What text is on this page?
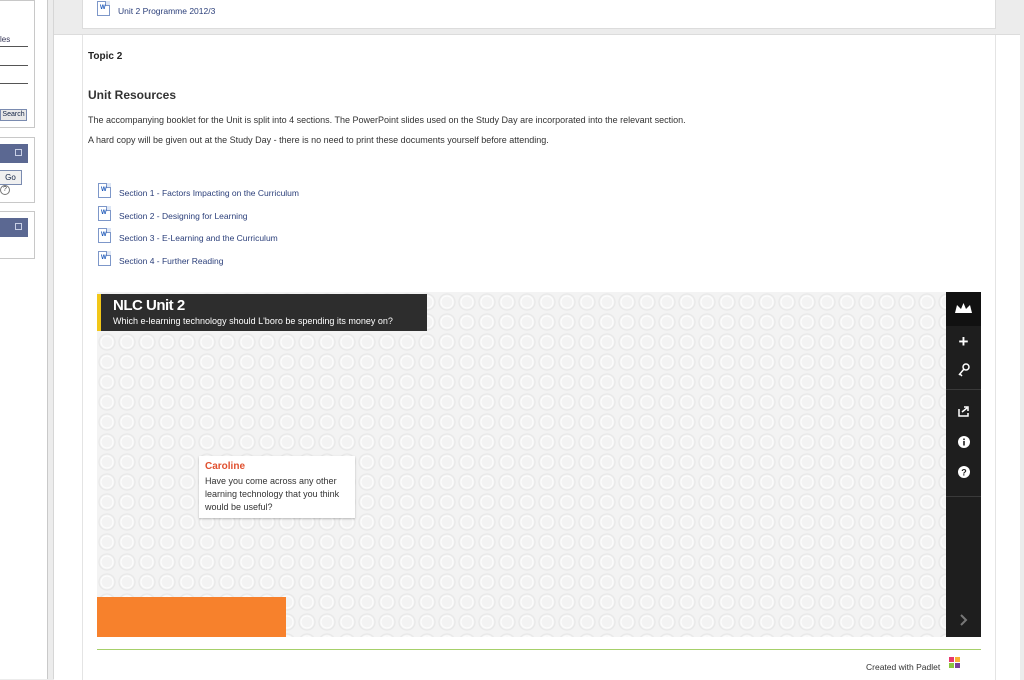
les
Search
Go
?
W
Unit 2 Programme 2012/3
Topic 2
Unit Resources
The accompanying booklet for the Unit is split into 4 sections. The PowerPoint slides used on the Study Day are incorporated into the relevant section.
A hard copy will be given out at the Study Day - there is no need to print these documents yourself before attending.
W
Section 1 - Factors Impacting on the Curriculum
W
Section 2 - Designing for Learning
W
Section 3 - E-Learning and the Curriculum
W
Section 4 - Further Reading
NLC Unit 2
Which e-learning technology should L'boro be spending its money on?
Caroline
Have you come across any other learning technology that you think would be useful?
+
?
Created with Padlet
